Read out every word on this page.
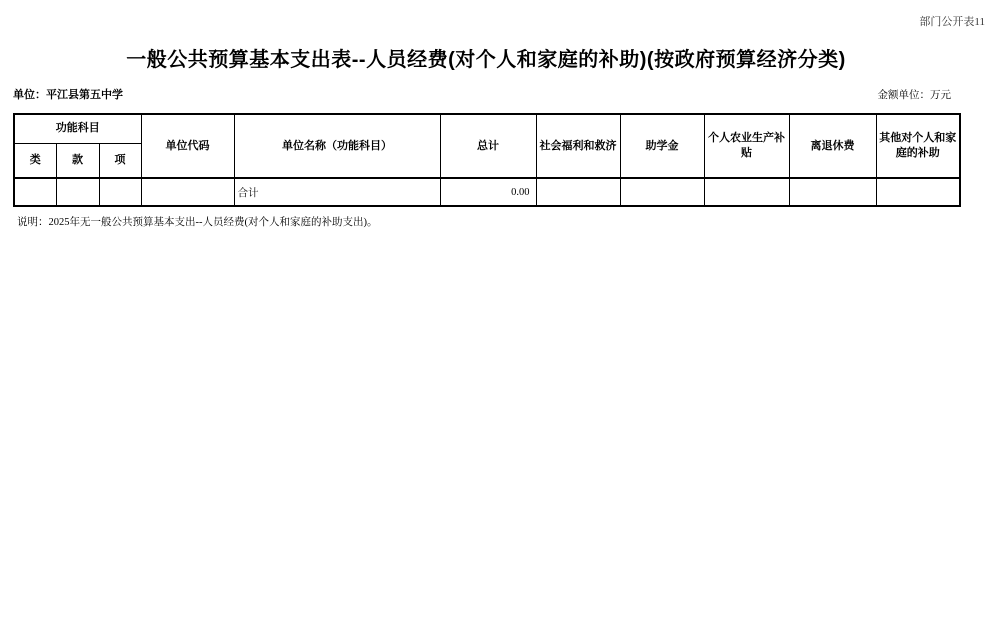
部门公开表11
一般公共预算基本支出表--人员经费(对个人和家庭的补助)(按政府预算经济分类)
单位：平江县第五中学	金额单位：万元
功能科目			单位代码	单位名称（功能科目）	总计	社会福利和救济	助学金	个人农业生产补贴	离退休费	其他对个人和家庭的补助
类	款	项								
				合计	0.00					
说明：2025年无一般公共预算基本支出--人员经费(对个人和家庭的补助支出)。
